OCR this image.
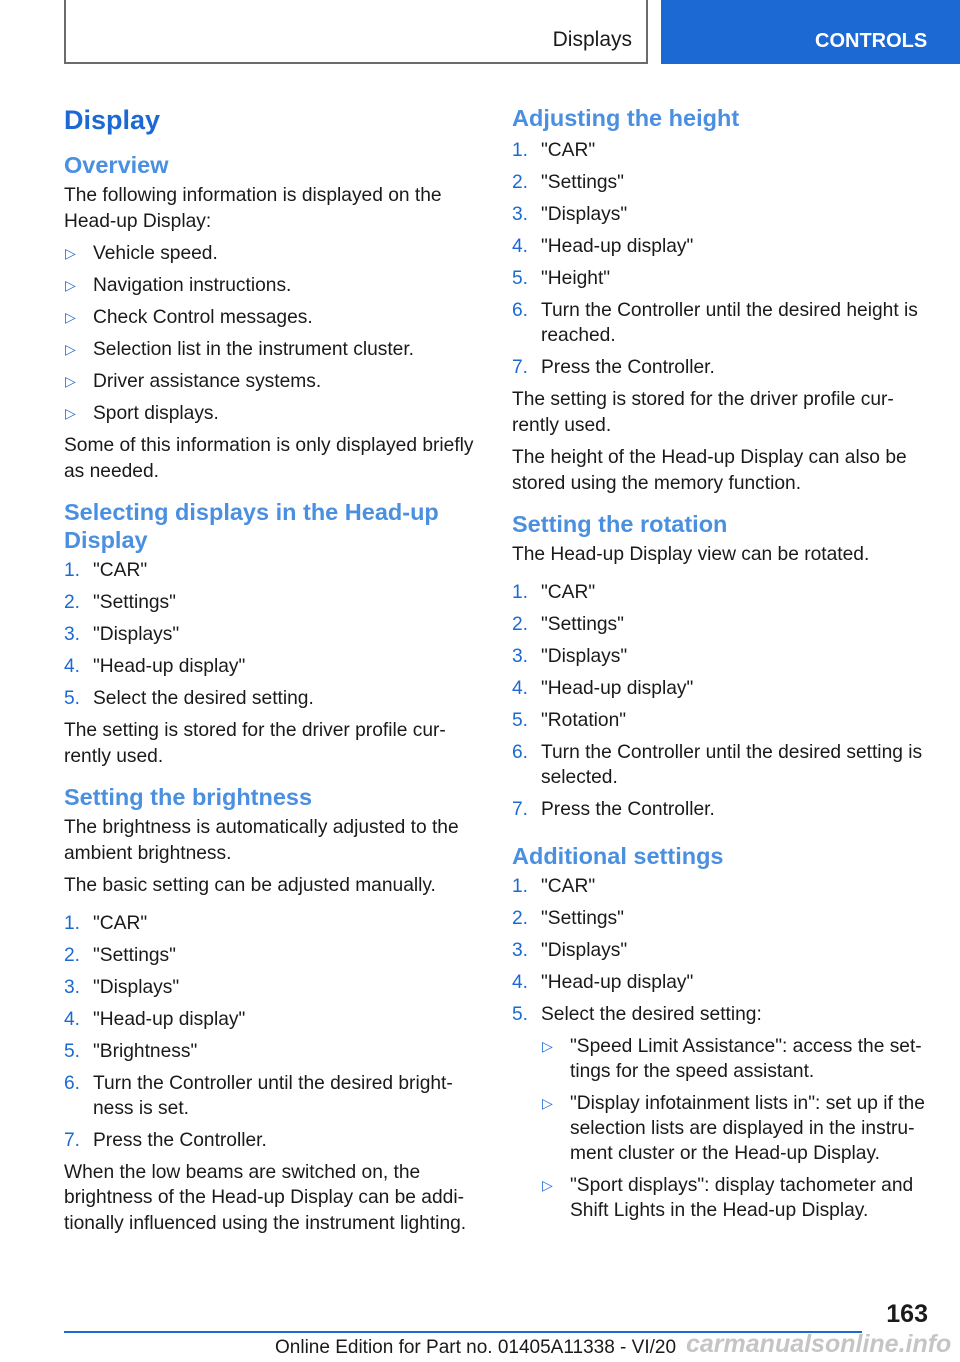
Displays	CONTROLS
Display
Overview

The following information is displayed on the Head-up Display:

▷ Vehicle speed.
▷ Navigation instructions.
▷ Check Control messages.
▷ Selection list in the instrument cluster.
▷ Driver assistance systems.
▷ Sport displays.

Some of this information is only displayed briefly as needed.

Selecting displays in the Head-up Display
1. "CAR"
2. "Settings"
3. "Displays"
4. "Head-up display"
5. Select the desired setting.

The setting is stored for the driver profile cur-rently used.

Setting the brightness

The brightness is automatically adjusted to the ambient brightness.

The basic setting can be adjusted manually.

1. "CAR"
2. "Settings"
3. "Displays"
4. "Head-up display"
5. "Brightness"
6. Turn the Controller until the desired bright-ness is set.
7. Press the Controller.

When the low beams are switched on, the brightness of the Head-up Display can be addi-tionally influenced using the instrument lighting.

Adjusting the height
1. "CAR"
2. "Settings"
3. "Displays"
4. "Head-up display"
5. "Height"
6. Turn the Controller until the desired height is reached.
7. Press the Controller.

The setting is stored for the driver profile cur-rently used.

The height of the Head-up Display can also be stored using the memory function.

Setting the rotation

The Head-up Display view can be rotated.

1. "CAR"
2. "Settings"
3. "Displays"
4. "Head-up display"
5. "Rotation"
6. Turn the Controller until the desired setting is selected.
7. Press the Controller.
Additional settings
1. "CAR"
2. "Settings"
3. "Displays"
4. "Head-up display"
5. Select the desired setting:
▷ "Speed Limit Assistance": access the set-tings for the speed assistant.
▷ "Display infotainment lists in": set up if the selection lists are displayed in the instru-ment cluster or the Head-up Display.
▷ "Sport displays": display tachometer and Shift Lights in the Head-up Display.
163
Online Edition for Part no. 01405A11338 - VI/20 carmanualsonline.info
